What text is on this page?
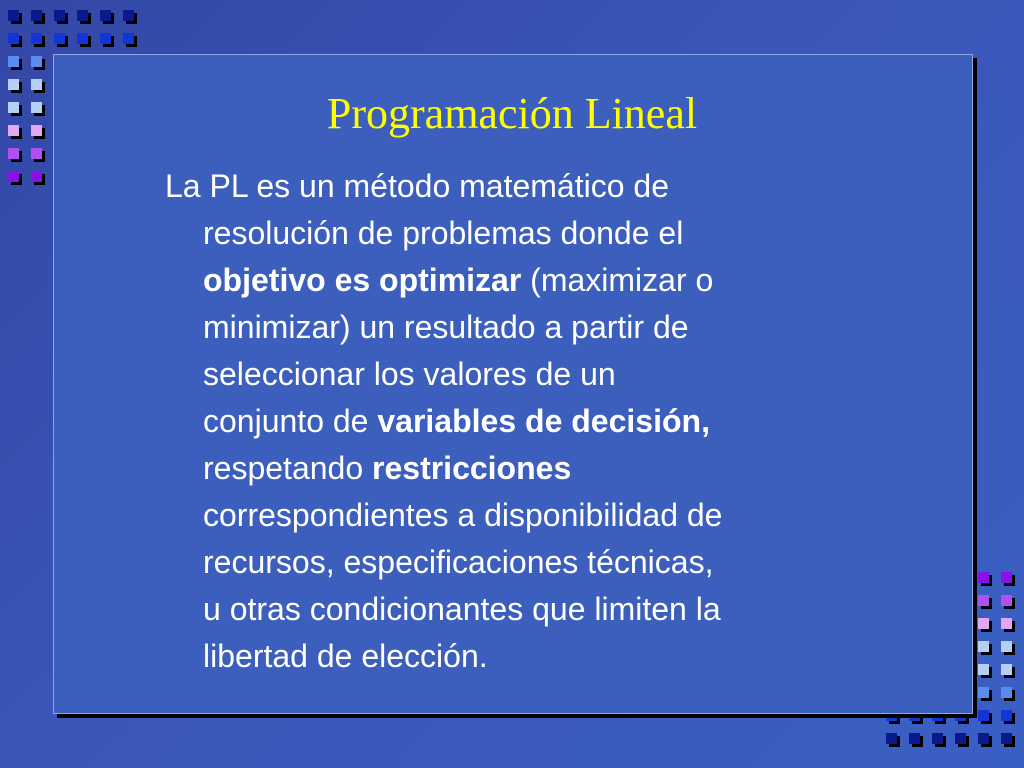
Programación Lineal
La PL es un método matemático de
resolución de problemas donde el
objetivo es optimizar (maximizar o
minimizar) un resultado a partir de
seleccionar los valores de un
conjunto de variables de decisión,
respetando restricciones
correspondientes a disponibilidad de
recursos, especificaciones técnicas,
u otras condicionantes que limiten la
libertad de elección.
